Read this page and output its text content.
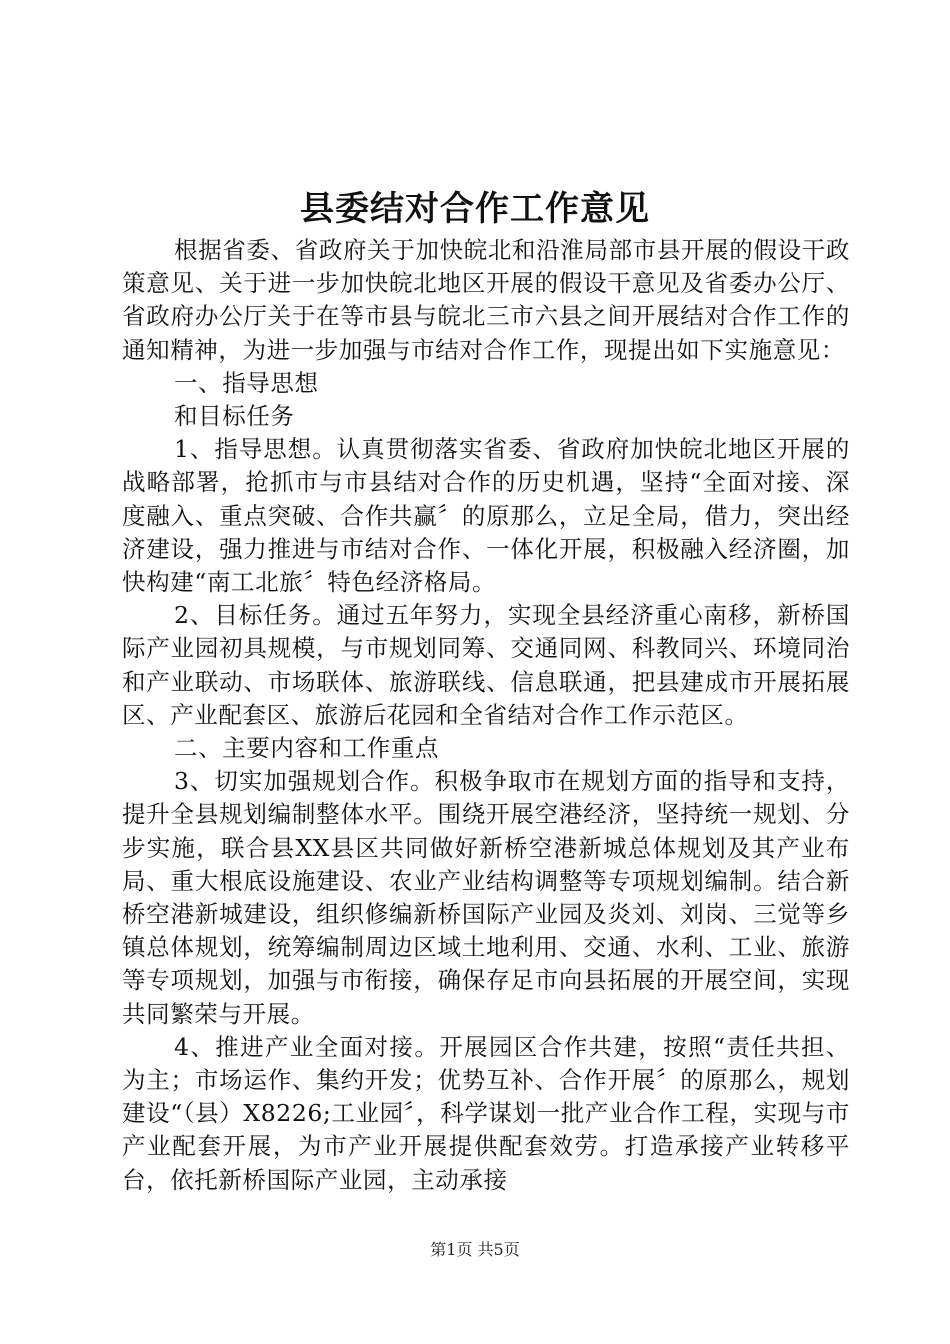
县委结对合作工作意见

根据省委、省政府关于加快皖北和沿淮局部市县开展的假设干政策意见、关于进一步加快皖北地区开展的假设干意见及省委办公厅、省政府办公厅关于在等市县与皖北三市六县之间开展结对合作工作的通知精神，为进一步加强与市结对合作工作，现提出如下实施意见：

一、指导思想

和目标任务

1、指导思想。认真贯彻落实省委、省政府加快皖北地区开展的战略部署，抢抓市与市县结对合作的历史机遇，坚持“全面对接、深度融入、重点突破、合作共赢〞的原那么，立足全局，借力，突出经济建设，强力推进与市结对合作、一体化开展，积极融入经济圈，加快构建“南工北旅〞特色经济格局。

2、目标任务。通过五年努力，实现全县经济重心南移，新桥国际产业园初具规模，与市规划同筹、交通同网、科教同兴、环境同治和产业联动、市场联体、旅游联线、信息联通，把县建成市开展拓展区、产业配套区、旅游后花园和全省结对合作工作示范区。

二、主要内容和工作重点

3、切实加强规划合作。积极争取市在规划方面的指导和支持，提升全县规划编制整体水平。围绕开展空港经济，坚持统一规划、分步实施，联合县XX县区共同做好新桥空港新城总体规划及其产业布局、重大根底设施建设、农业产业结构调整等专项规划编制。结合新桥空港新城建设，组织修编新桥国际产业园及炎刘、刘岗、三觉等乡镇总体规划，统筹编制周边区域土地利用、交通、水利、工业、旅游等专项规划，加强与市衔接，确保存足市向县拓展的开展空间，实现共同繁荣与开展。

4、推进产业全面对接。开展园区合作共建，按照“责任共担、为主；市场运作、集约开发；优势互补、合作开展〞的原那么，规划建设“（县）X8226;工业园〞，科学谋划一批产业合作工程，实现与市产业配套开展，为市产业开展提供配套效劳。打造承接产业转移平台，依托新桥国际产业园，主动承接

第1页 共5页
